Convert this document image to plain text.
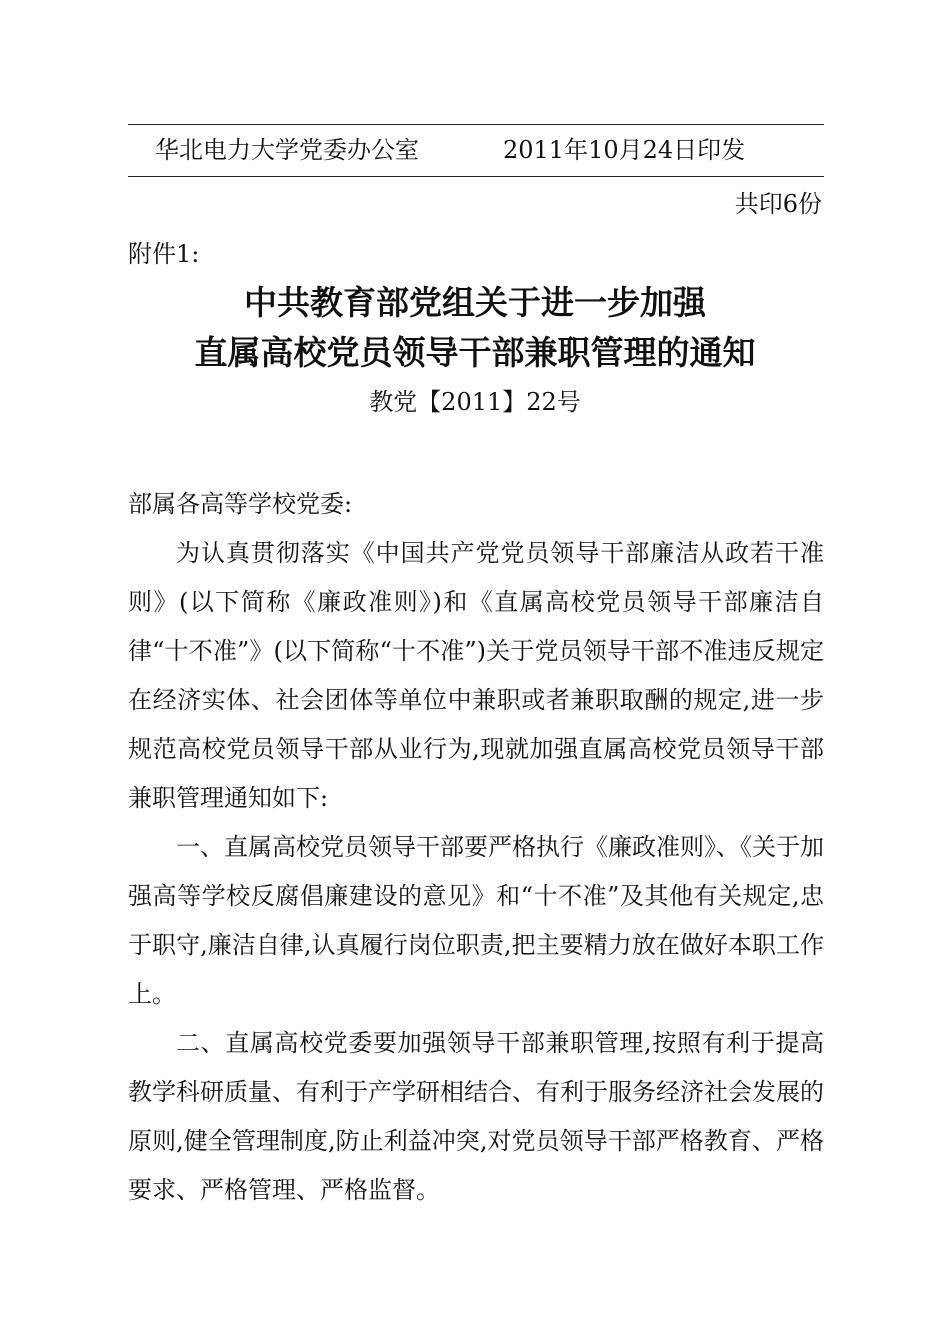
华北电力大学党委办公室	2011年10月24日印发
共印6份
附件1:
中共教育部党组关于进一步加强
直属高校党员领导干部兼职管理的通知
教党【2011】22号

部属各高等学校党委:

为认真贯彻落实《中国共产党党员领导干部廉洁从政若干准则》(以下简称《廉政准则》)和《直属高校党员领导干部廉洁自律“十不准”》(以下简称“十不准”)关于党员领导干部不准违反规定在经济实体、社会团体等单位中兼职或者兼职取酬的规定,进一步规范高校党员领导干部从业行为,现就加强直属高校党员领导干部兼职管理通知如下:

一、直属高校党员领导干部要严格执行《廉政准则》、《关于加强高等学校反腐倡廉建设的意见》和“十不准”及其他有关规定,忠于职守,廉洁自律,认真履行岗位职责,把主要精力放在做好本职工作上。

二、直属高校党委要加强领导干部兼职管理,按照有利于提高教学科研质量、有利于产学研相结合、有利于服务经济社会发展的原则,健全管理制度,防止利益冲突,对党员领导干部严格教育、严格要求、严格管理、严格监督。
